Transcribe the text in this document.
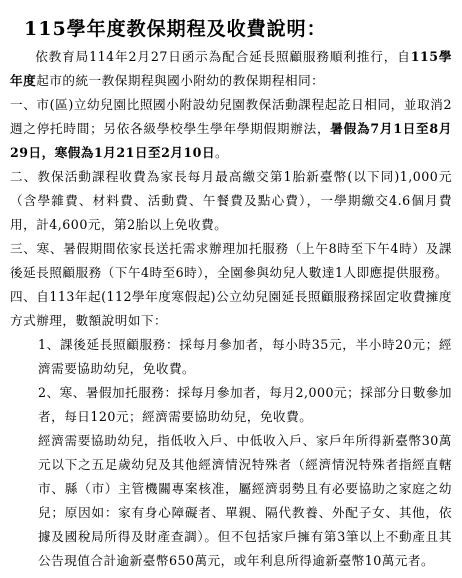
115學年度教保期程及收費說明：

依教育局114年2月27日函示為配合延長照顧服務順利推行，自115學年度起市的統一教保期程與國小附幼的教保期程相同：

一、市(區)立幼兒園比照國小附設幼兒園教保活動課程起訖日相同，並取消2週之停托時間；另依各級學校學生學年學期假期辦法，暑假為7月1日至8月29日，寒假為1月21日至2月10日。

二、教保活動課程收費為家長每月最高繳交第1胎新臺幣(以下同)1,000元（含學雜費、材料費、活動費、午餐費及點心費），一學期繳交4.6個月費用，計4,600元，第2胎以上免收費。

三、寒、暑假期間依家長送托需求辦理加托服務（上午8時至下午4時）及課後延長照顧服務（下午4時至6時），全園參與幼兒人數達1人即應提供服務。

四、自113年起(112學年度寒假起)公立幼兒園延長照顧服務採固定收費擁度方式辦理，數額說明如下：

1、課後延長照顧服務：採每月參加者，每小時35元，半小時20元；經濟需要協助幼兒，免收費。

2、寒、暑假加托服務：採每月參加者，每月2,000元；採部分日數參加者，每日120元；經濟需要協助幼兒，免收費。

經濟需要協助幼兒，指低收入戶、中低收入戶、家戶年所得新臺幣30萬元以下之五足歲幼兒及其他經濟情況特殊者（經濟情況特殊者指經直轄市、縣（市）主管機關專案核准，屬經濟弱勢且有必要協助之家庭之幼兒；原因如：家有身心障礙者、單親、隔代教養、外配子女、其他，依據及國稅局所得及財產查調）。但不包括家戶擁有第3筆以上不動產且其公告現值合計逾新臺幣650萬元，或年利息所得逾新臺幣10萬元者。
